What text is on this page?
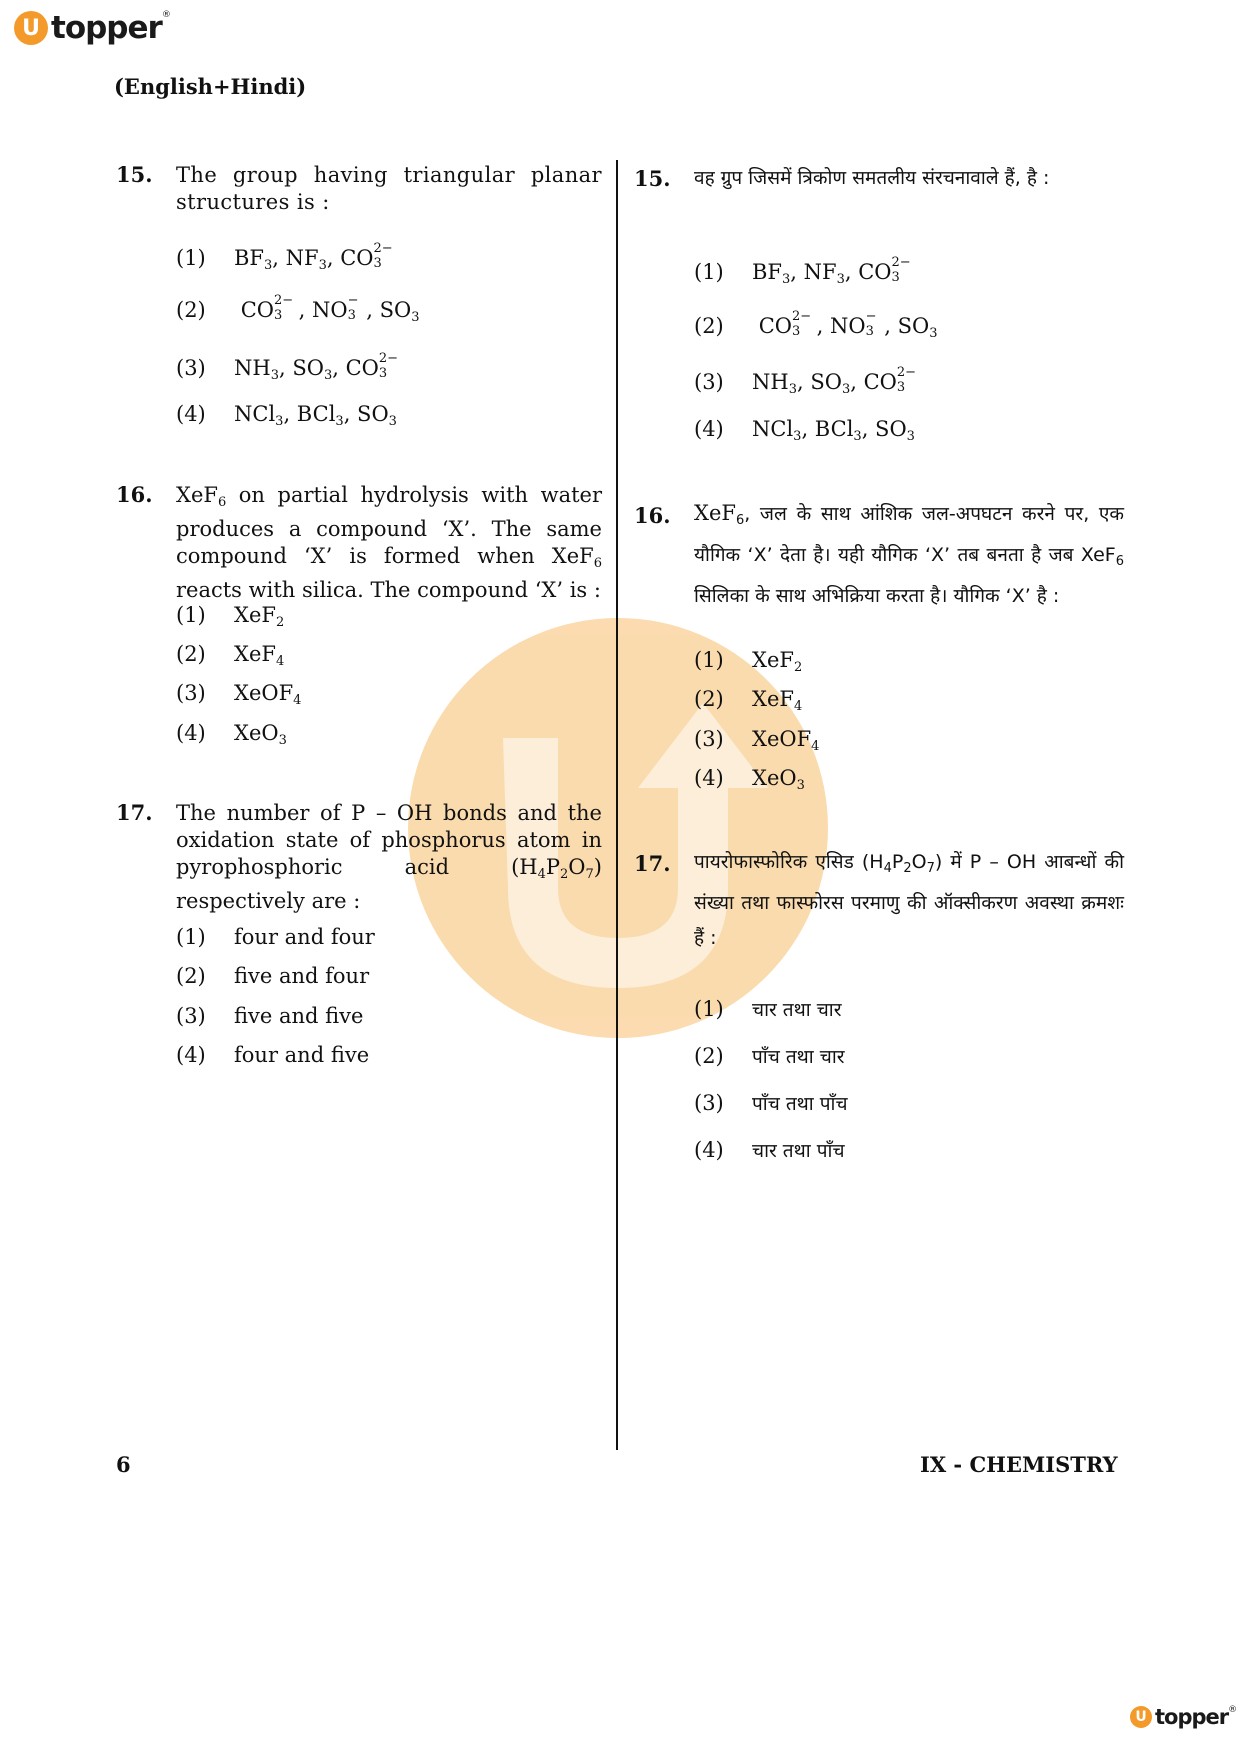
U topper ®
(English+Hindi)
15. The group having triangular planar structures is :
(1)	$BF_3$, $NF_3$, CO 2−
3
(2)	CO 2−
3 , NO −
3 , $SO_3$
(3)	$NH_3$, $SO_3$, CO 2−
3
(4)	NCl$_3$, BCl$_3$, $SO_3$
16. XeF$_6$ on partial hydrolysis with water produces a compound ‘X’. The same compound ‘X’ is formed when XeF$_6$ reacts with silica. The compound ‘X’ is :
(1)	XeF$_2$
(2)	XeF$_4$
(3)	XeOF$_4$
(4)	XeO$_3$
17. The number of P – OH bonds and the oxidation state of phosphorus atom in pyrophosphoric acid $(H_4P_2O_7)$ respectively are :
(1)	four and four
(2)	five and four
(3)	five and five
(4)	four and five
15. वह ग्रुप जिसमें त्रिकोण समतलीय संरचनावाले हैं, है :
(1)	$BF_3$, $NF_3$, CO 2−
3
(2)	CO 2−
3 , NO −
3 , $SO_3$
(3)	$NH_3$, $SO_3$, CO 2−
3
(4)	NCl$_3$, BCl$_3$, $SO_3$
16. XeF$_6$, जल के साथ आंशिक जल-अपघटन करने पर, एक यौगिक ‘X’ देता है। यही यौगिक ‘X’ तब बनता है जब XeF$_6$ सिलिका के साथ अभिक्रिया करता है। यौगिक ‘X’ है :
(1)	XeF$_2$
(2)	XeF$_4$
(3)	XeOF$_4$
(4)	XeO$_3$
17. पायरोफास्फोरिक एसिड $(H_4P_2O_7)$ में P – OH आबन्धों की संख्या तथा फास्फोरस परमाणु की ऑक्सीकरण अवस्था क्रमशः हैं :
(1)	चार तथा चार
(2)	पाँच तथा चार
(3)	पाँच तथा पाँच
(4)	चार तथा पाँच
6	IX - CHEMISTRY
U topper ®
